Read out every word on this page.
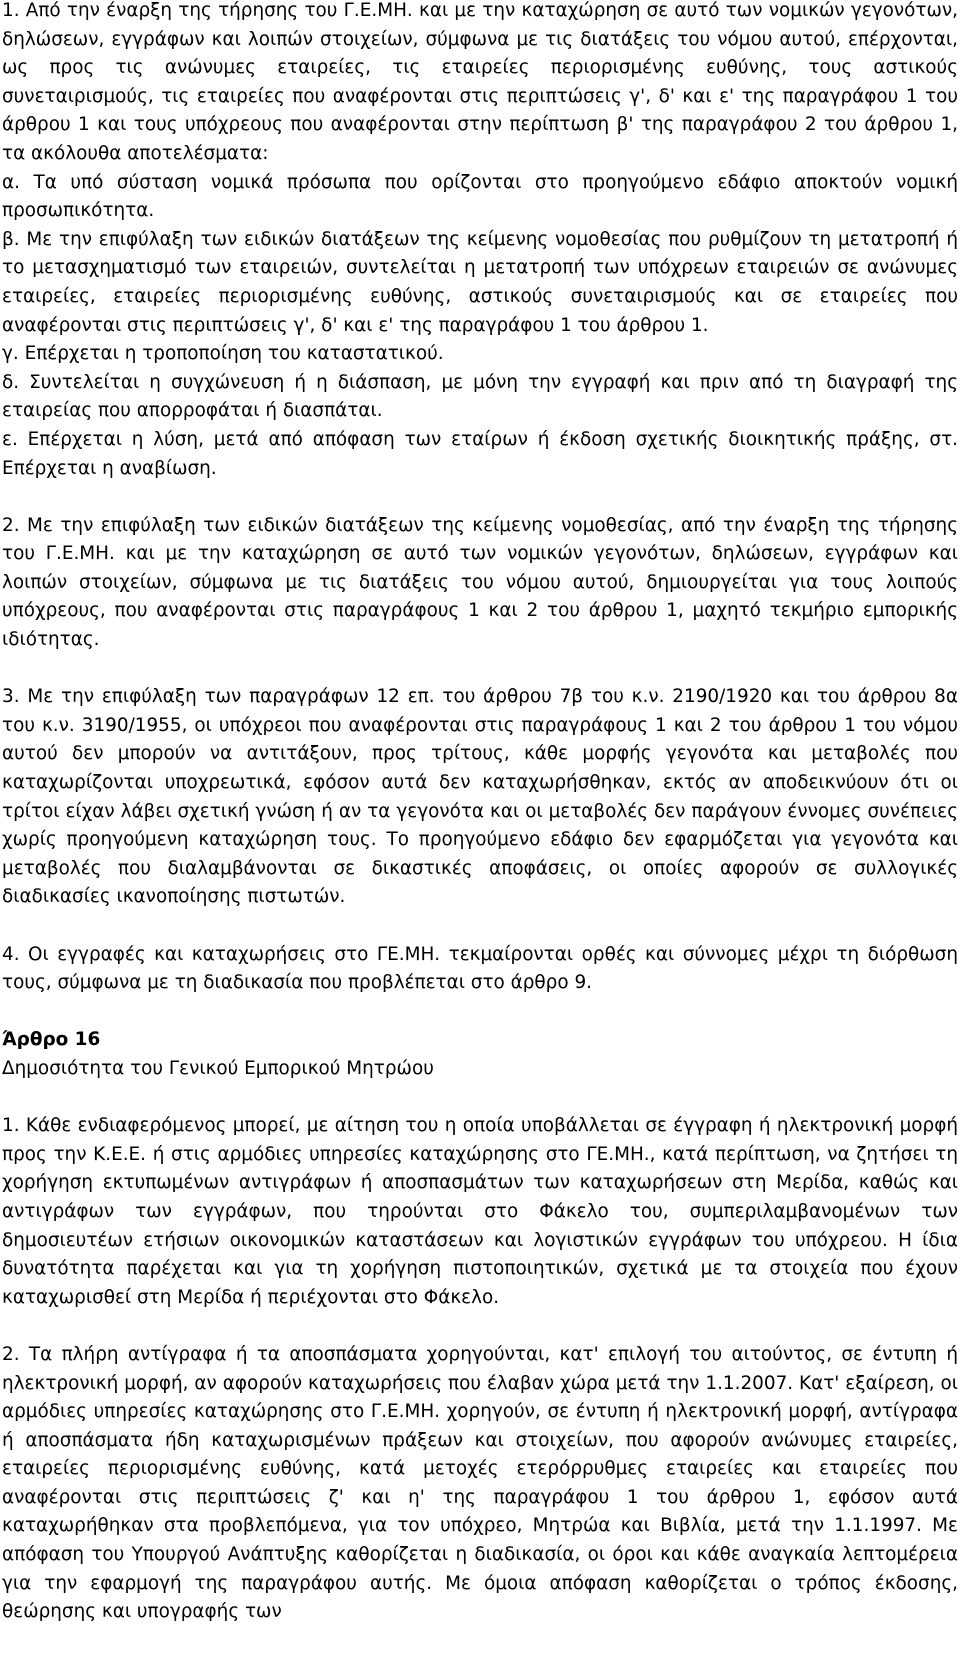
1. Από την έναρξη της τήρησης του Γ.Ε.ΜΗ. και με την καταχώρηση σε αυτό των νομικών γεγονότων, δηλώσεων, εγγράφων και λοιπών στοιχείων, σύμφωνα με τις διατάξεις του νόμου αυτού, επέρχονται, ως προς τις ανώνυμες εταιρείες, τις εταιρείες περιορισμένης ευθύνης, τους αστικούς συνεταιρισμούς, τις εταιρείες που αναφέρονται στις περιπτώσεις γ', δ' και ε' της παραγράφου 1 του άρθρου 1 και τους υπόχρεους που αναφέρονται στην περίπτωση β' της παραγράφου 2 του άρθρου 1, τα ακόλουθα αποτελέσματα:

α. Τα υπό σύσταση νομικά πρόσωπα που ορίζονται στο προηγούμενο εδάφιο αποκτούν νομική προσωπικότητα.

β. Με την επιφύλαξη των ειδικών διατάξεων της κείμενης νομοθεσίας που ρυθμίζουν τη μετατροπή ή το μετασχηματισμό των εταιρειών, συντελείται η μετατροπή των υπόχρεων εταιρειών σε ανώνυμες εταιρείες, εταιρείες περιορισμένης ευθύνης, αστικούς συνεταιρισμούς και σε εταιρείες που αναφέρονται στις περιπτώσεις γ', δ' και ε' της παραγράφου 1 του άρθρου 1.

γ. Επέρχεται η τροποποίηση του καταστατικού.

δ. Συντελείται η συγχώνευση ή η διάσπαση, με μόνη την εγγραφή και πριν από τη διαγραφή της εταιρείας που απορροφάται ή διασπάται.

ε. Επέρχεται η λύση, μετά από απόφαση των εταίρων ή έκδοση σχετικής διοικητικής πράξης, στ. Επέρχεται η αναβίωση.

2. Με την επιφύλαξη των ειδικών διατάξεων της κείμενης νομοθεσίας, από την έναρξη της τήρησης του Γ.Ε.ΜΗ. και με την καταχώρηση σε αυτό των νομικών γεγονότων, δηλώσεων, εγγράφων και λοιπών στοιχείων, σύμφωνα με τις διατάξεις του νόμου αυτού, δημιουργείται για τους λοιπούς υπόχρεους, που αναφέρονται στις παραγράφους 1 και 2 του άρθρου 1, μαχητό τεκμήριο εμπορικής ιδιότητας.

3. Με την επιφύλαξη των παραγράφων 12 επ. του άρθρου 7β του κ.ν. 2190/1920 και του άρθρου 8α του κ.ν. 3190/1955, οι υπόχρεοι που αναφέρονται στις παραγράφους 1 και 2 του άρθρου 1 του νόμου αυτού δεν μπορούν να αντιτάξουν, προς τρίτους, κάθε μορφής γεγονότα και μεταβολές που καταχωρίζονται υποχρεωτικά, εφόσον αυτά δεν καταχωρήσθηκαν, εκτός αν αποδεικνύουν ότι οι τρίτοι είχαν λάβει σχετική γνώση ή αν τα γεγονότα και οι μεταβολές δεν παράγουν έννομες συνέπειες χωρίς προηγούμενη καταχώρηση τους. Το προηγούμενο εδάφιο δεν εφαρμόζεται για γεγονότα και μεταβολές που διαλαμβάνονται σε δικαστικές αποφάσεις, οι οποίες αφορούν σε συλλογικές διαδικασίες ικανοποίησης πιστωτών.

4. Οι εγγραφές και καταχωρήσεις στο ΓΕ.ΜΗ. τεκμαίρονται ορθές και σύννομες μέχρι τη διόρθωση τους, σύμφωνα με τη διαδικασία που προβλέπεται στο άρθρο 9.

Άρθρο 16

Δημοσιότητα του Γενικού Εμπορικού Μητρώου

1. Κάθε ενδιαφερόμενος μπορεί, με αίτηση του η οποία υποβάλλεται σε έγγραφη ή ηλεκτρονική μορφή προς την Κ.Ε.Ε. ή στις αρμόδιες υπηρεσίες καταχώρησης στο ΓΕ.ΜΗ., κατά περίπτωση, να ζητήσει τη χορήγηση εκτυπωμένων αντιγράφων ή αποσπασμάτων των καταχωρήσεων στη Μερίδα, καθώς και αντιγράφων των εγγράφων, που τηρούνται στο Φάκελο του, συμπεριλαμβανομένων των δημοσιευτέων ετήσιων οικονομικών καταστάσεων και λογιστικών εγγράφων του υπόχρεου. Η ίδια δυνατότητα παρέχεται και για τη χορήγηση πιστοποιητικών, σχετικά με τα στοιχεία που έχουν καταχωρισθεί στη Μερίδα ή περιέχονται στο Φάκελο.

2. Τα πλήρη αντίγραφα ή τα αποσπάσματα χορηγούνται, κατ' επιλογή του αιτούντος, σε έντυπη ή ηλεκτρονική μορφή, αν αφορούν καταχωρήσεις που έλαβαν χώρα μετά την 1.1.2007. Κατ' εξαίρεση, οι αρμόδιες υπηρεσίες καταχώρησης στο Γ.Ε.ΜΗ. χορηγούν, σε έντυπη ή ηλεκτρονική μορφή, αντίγραφα ή αποσπάσματα ήδη καταχωρισμένων πράξεων και στοιχείων, που αφορούν ανώνυμες εταιρείες, εταιρείες περιορισμένης ευθύνης, κατά μετοχές ετερόρρυθμες εταιρείες και εταιρείες που αναφέρονται στις περιπτώσεις ζ' και η' της παραγράφου 1 του άρθρου 1, εφόσον αυτά καταχωρήθηκαν στα προβλεπόμενα, για τον υπόχρεο, Μητρώα και Βιβλία, μετά την 1.1.1997. Με απόφαση του Υπουργού Ανάπτυξης καθορίζεται η διαδικασία, οι όροι και κάθε αναγκαία λεπτομέρεια για την εφαρμογή της παραγράφου αυτής. Με όμοια απόφαση καθορίζεται ο τρόπος έκδοσης, θεώρησης και υπογραφής των
